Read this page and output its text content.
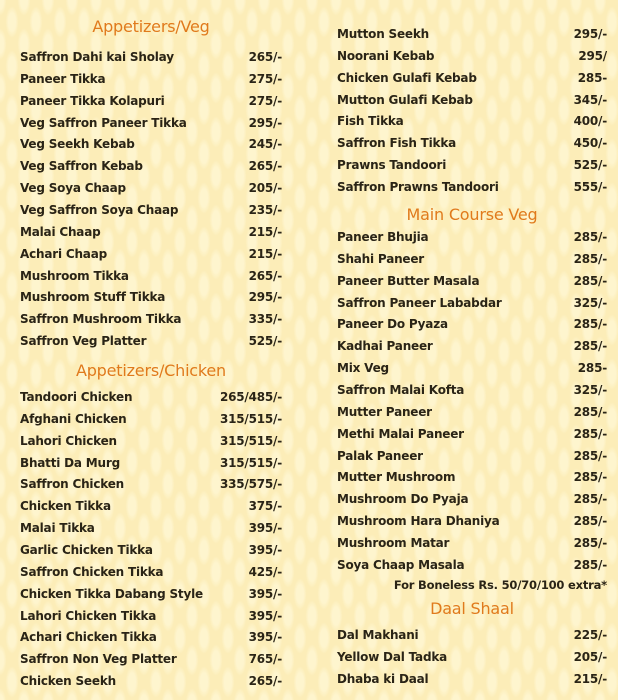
Appetizers/Veg
Saffron Dahi kai Sholay	265/-
Paneer Tikka	275/-
Paneer Tikka Kolapuri	275/-
Veg Saffron Paneer Tikka	295/-
Veg Seekh Kebab	245/-
Veg Saffron Kebab	265/-
Veg Soya Chaap	205/-
Veg Saffron Soya Chaap	235/-
Malai Chaap	215/-
Achari Chaap	215/-
Mushroom Tikka	265/-
Mushroom Stuff Tikka	295/-
Saffron Mushroom Tikka	335/-
Saffron Veg Platter	525/-
Appetizers/Chicken
Tandoori Chicken	265/485/-
Afghani Chicken	315/515/-
Lahori Chicken	315/515/-
Bhatti Da Murg	315/515/-
Saffron Chicken	335/575/-
Chicken Tikka	375/-
Malai Tikka	395/-
Garlic Chicken Tikka	395/-
Saffron Chicken Tikka	425/-
Chicken Tikka Dabang Style	395/-
Lahori Chicken Tikka	395/-
Achari Chicken Tikka	395/-
Saffron Non Veg Platter	765/-
Chicken Seekh	265/-
Mutton Seekh	295/-
Noorani Kebab	295/
Chicken Gulafi Kebab	285-
Mutton Gulafi Kebab	345/-
Fish Tikka	400/-
Saffron Fish Tikka	450/-
Prawns Tandoori	525/-
Saffron Prawns Tandoori	555/-
Main Course Veg
Paneer Bhujia	285/-
Shahi Paneer	285/-
Paneer Butter Masala	285/-
Saffron Paneer Lababdar	325/-
Paneer Do Pyaza	285/-
Kadhai Paneer	285/-
Mix Veg	285-
Saffron Malai Kofta	325/-
Mutter Paneer	285/-
Methi Malai Paneer	285/-
Palak Paneer	285/-
Mutter Mushroom	285/-
Mushroom Do Pyaja	285/-
Mushroom Hara Dhaniya	285/-
Mushroom Matar	285/-
Soya Chaap Masala	285/-
For Boneless Rs. 50/70/100 extra*
Daal Shaal
Dal Makhani	225/-
Yellow Dal Tadka	205/-
Dhaba ki Daal	215/-
